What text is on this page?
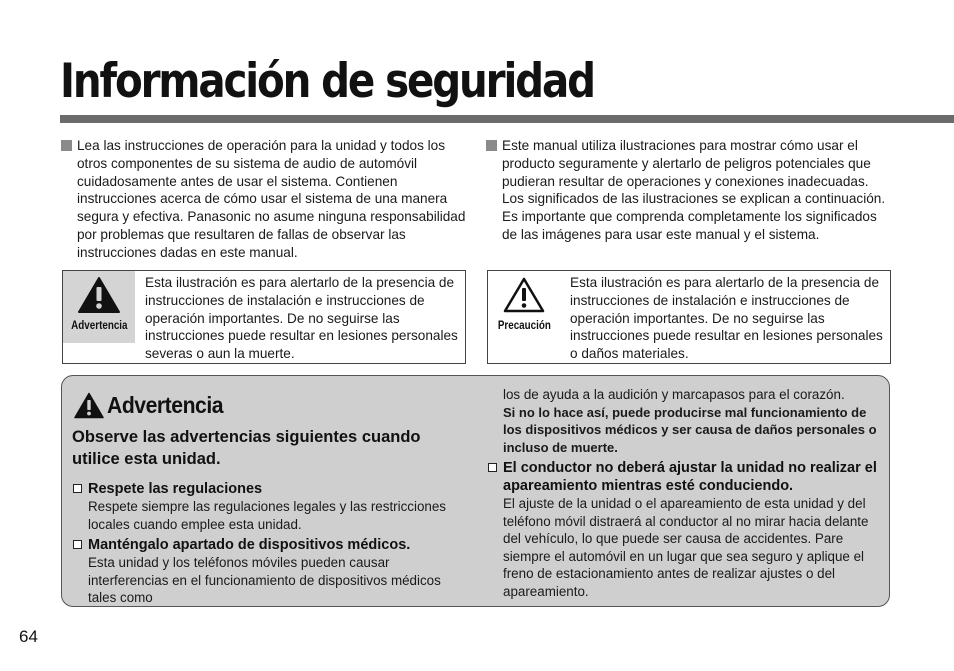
Información de seguridad
Lea las instrucciones de operación para la unidad y todos los otros componentes de su sistema de audio de automóvil cuidadosamente antes de usar el sistema. Contienen instrucciones acerca de cómo usar el sistema de una manera segura y efectiva. Panasonic no asume ninguna responsabilidad por problemas que resultaren de fallas de observar las instrucciones dadas en este manual.
Este manual utiliza ilustraciones para mostrar cómo usar el producto seguramente y alertarlo de peligros potenciales que pudieran resultar de operaciones y conexiones inadecuadas. Los significados de las ilustraciones se explican a continuación. Es importante que comprenda completamente los significados de las imágenes para usar este manual y el sistema.
Advertencia
Esta ilustración es para alertarlo de la presencia de instrucciones de instalación e instrucciones de operación importantes. De no seguirse las instrucciones puede resultar en lesiones personales severas o aun la muerte.
Precaución
Esta ilustración es para alertarlo de la presencia de instrucciones de instalación e instrucciones de operación importantes. De no seguirse las instrucciones puede resultar en lesiones personales o daños materiales.
Advertencia
Observe las advertencias siguientes cuando utilice esta unidad.
Respete las regulaciones
Respete siempre las regulaciones legales y las restricciones locales cuando emplee esta unidad.
Manténgalo apartado de dispositivos médicos.
Esta unidad y los teléfonos móviles pueden causar interferencias en el funcionamiento de dispositivos médicos tales como
los de ayuda a la audición y marcapasos para el corazón.
Si no lo hace así, puede producirse mal funcionamiento de los dispositivos médicos y ser causa de daños personales o incluso de muerte.
El conductor no deberá ajustar la unidad no realizar el apareamiento mientras esté conduciendo.
El ajuste de la unidad o el apareamiento de esta unidad y del teléfono móvil distraerá al conductor al no mirar hacia delante del vehículo, lo que puede ser causa de accidentes. Pare siempre el automóvil en un lugar que sea seguro y aplique el freno de estacionamiento antes de realizar ajustes o del apareamiento.
64
